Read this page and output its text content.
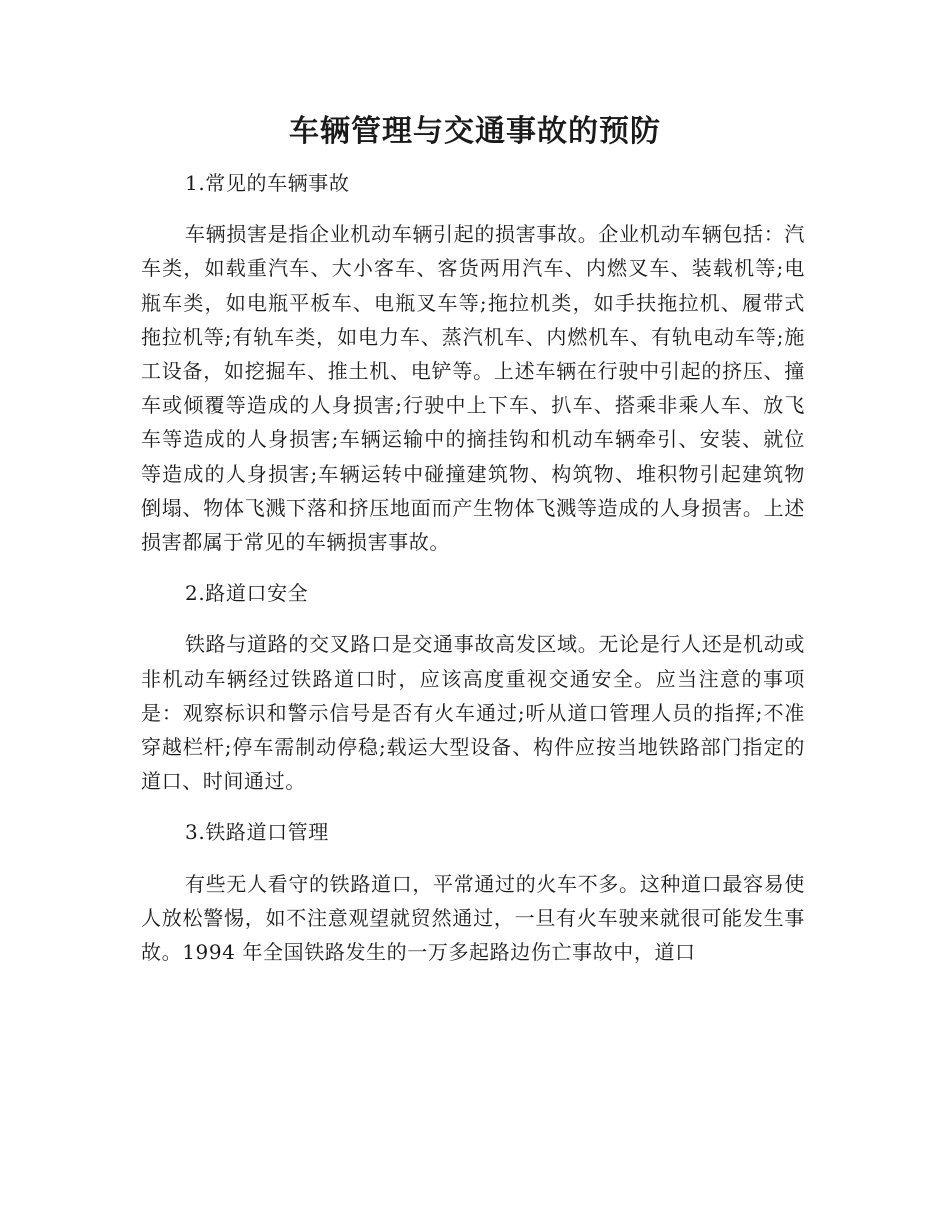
车辆管理与交通事故的预防

1.常见的车辆事故

车辆损害是指企业机动车辆引起的损害事故。企业机动车辆包括：汽车类，如载重汽车、大小客车、客货两用汽车、内燃叉车、装载机等;电瓶车类，如电瓶平板车、电瓶叉车等;拖拉机类，如手扶拖拉机、履带式拖拉机等;有轨车类，如电力车、蒸汽机车、内燃机车、有轨电动车等;施工设备，如挖掘车、推土机、电铲等。上述车辆在行驶中引起的挤压、撞车或倾覆等造成的人身损害;行驶中上下车、扒车、搭乘非乘人车、放飞车等造成的人身损害;车辆运输中的摘挂钩和机动车辆牵引、安装、就位等造成的人身损害;车辆运转中碰撞建筑物、构筑物、堆积物引起建筑物倒塌、物体飞溅下落和挤压地面而产生物体飞溅等造成的人身损害。上述损害都属于常见的车辆损害事故。

2.路道口安全

铁路与道路的交叉路口是交通事故高发区域。无论是行人还是机动或非机动车辆经过铁路道口时，应该高度重视交通安全。应当注意的事项是：观察标识和警示信号是否有火车通过;听从道口管理人员的指挥;不准穿越栏杆;停车需制动停稳;载运大型设备、构件应按当地铁路部门指定的道口、时间通过。

3.铁路道口管理

有些无人看守的铁路道口，平常通过的火车不多。这种道口最容易使人放松警惕，如不注意观望就贸然通过，一旦有火车驶来就很可能发生事故。1994 年全国铁路发生的一万多起路边伤亡事故中，道口
